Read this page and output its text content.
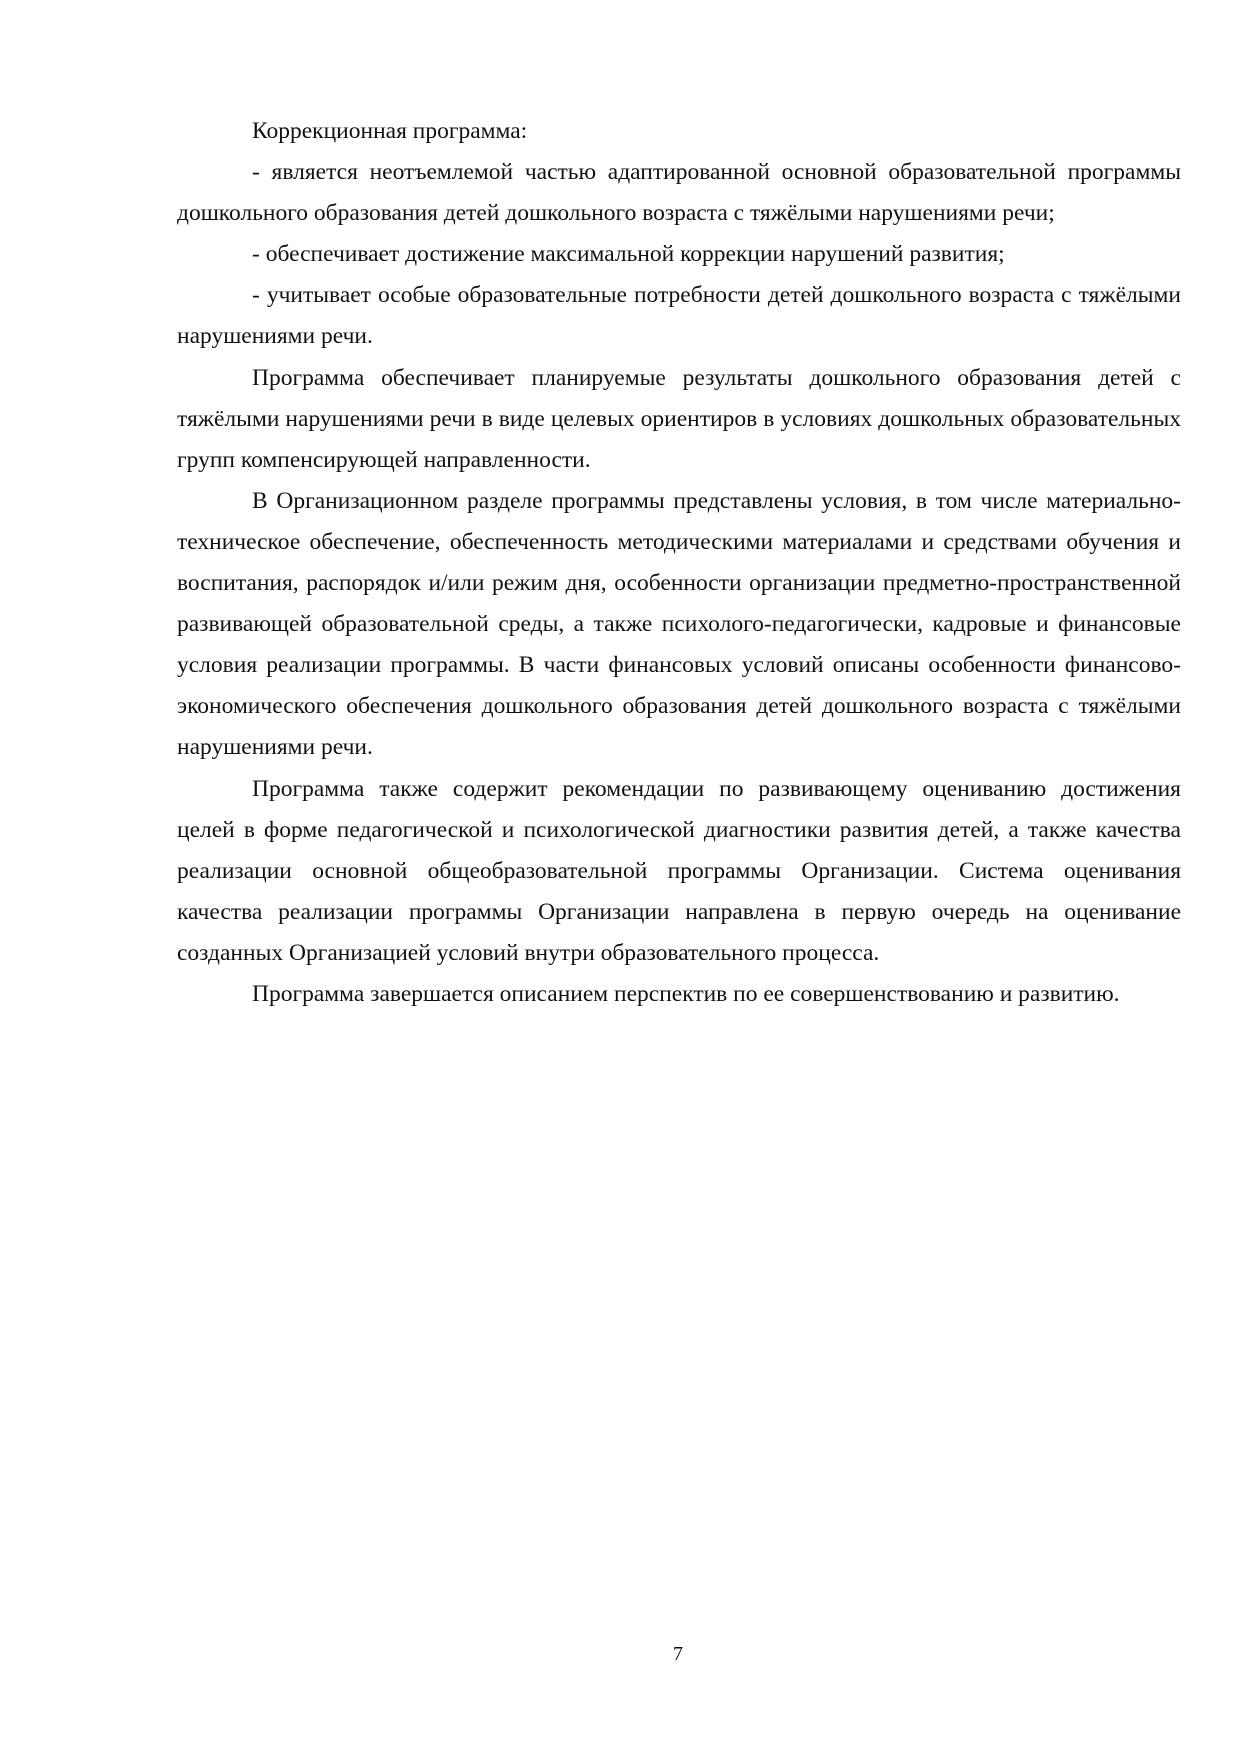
Коррекционная программа:

- является неотъемлемой частью адаптированной основной образовательной программы дошкольного образования детей дошкольного возраста с тяжёлыми нарушениями речи;

- обеспечивает достижение максимальной коррекции нарушений развития;

- учитывает особые образовательные потребности детей дошкольного возраста с тяжёлыми нарушениями речи.

Программа обеспечивает планируемые результаты дошкольного образования детей с тяжёлыми нарушениями речи в виде целевых ориентиров в условиях дошкольных образовательных групп компенсирующей направленности.

В Организационном разделе программы представлены условия, в том числе материально-техническое обеспечение, обеспеченность методическими материалами и средствами обучения и воспитания, распорядок и/или режим дня, особенности организации предметно-пространственной развивающей образовательной среды, а также психолого-педагогически, кадровые и финансовые условия реализации программы. В части финансовых условий описаны особенности финансово-экономического обеспечения дошкольного образования детей дошкольного возраста с тяжёлыми нарушениями речи.

Программа также содержит рекомендации по развивающему оцениванию достижения целей в форме педагогической и психологической диагностики развития детей, а также качества реализации основной общеобразовательной программы Организации. Система оценивания качества реализации программы Организации направлена в первую очередь на оценивание созданных Организацией условий внутри образовательного процесса.

Программа завершается описанием перспектив по ее совершенствованию и развитию.

7
